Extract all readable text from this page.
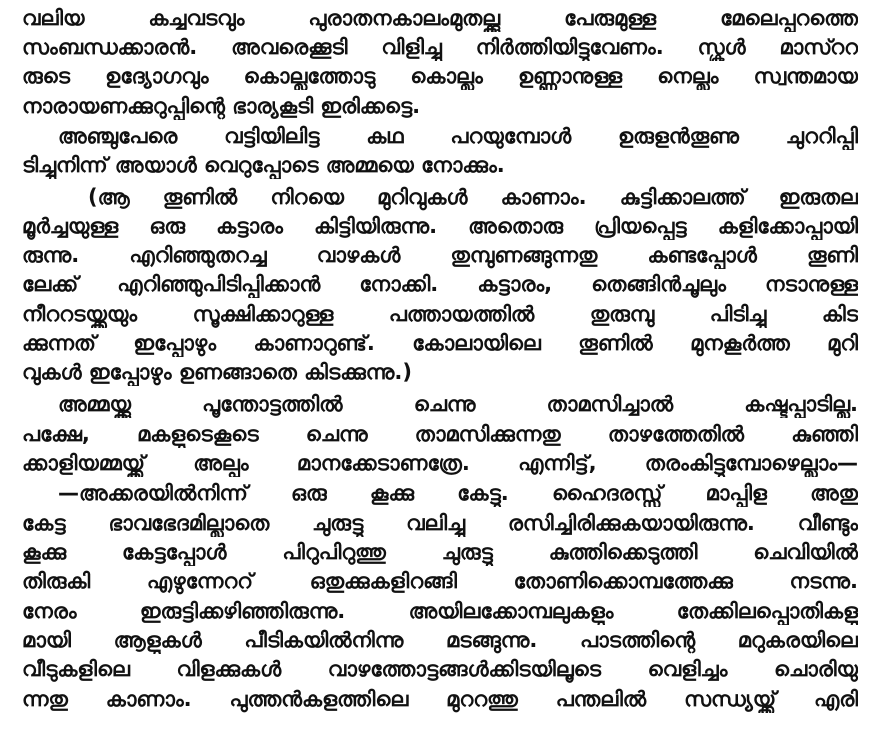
വലിയ കച്ചവടവും പുരാതനകാലംമുതല്ക്കു പേരുമുള്ള മേലെപ്പുറത്തെ
സംബന്ധക്കാരൻ. അവരെക്കൂടി വിളിച്ചു നിർത്തിയിട്ടുവേണം. സ്കൂൾ മാസ്ററ
രുടെ ഉദ്യോഗവും കൊല്ലത്തോടു കൊല്ലം ഉണ്ണാനുള്ള നെല്ലും സ്വന്തമായ
നാരായണക്കുറുപ്പിന്റെ ഭാര്യകൂടി ഇരിക്കട്ടെ.
അഞ്ചുപേരെ വട്ടിയിലിട്ട കഥ പറയുമ്പോൾ ഉരുളൻതൂണു ചുററിപ്പി
ടിച്ചുനിന്ന് അയാൾ വെറുപ്പോടെ അമ്മയെ നോക്കും.
(ആ തൂണിൽ നിറയെ മുറിവുകൾ കാണാം. കുട്ടിക്കാലത്ത് ഇരുതല
മൂർച്ചയുള്ള ഒരു കട്ടാരം കിട്ടിയിരുന്നു. അതൊരു പ്രിയപ്പെട്ട കളിക്കോപ്പായി
രുന്നു. എറിഞ്ഞുതറച്ച വാഴകൾ തുമ്പുണങ്ങുന്നതു കണ്ടപ്പോൾ തൂണി
ലേക്ക് എറിഞ്ഞുപിടിപ്പിക്കാൻ നോക്കി. കട്ടാരം, തെങ്ങിൻചൂലും നടാനുള്ള
നീററടയ്ക്കയും സൂക്ഷിക്കാറുള്ള പത്തായത്തിൽ തുരുമ്പു പിടിച്ചു കിട
ക്കുന്നത് ഇപ്പോഴും കാണാറുണ്ട്. കോലായിലെ തൂണിൽ മുനകൂർത്ത മുറി
വുകൾ ഇപ്പോഴും ഉണങ്ങാതെ കിടക്കുന്നു.)
അമ്മയ്ക്കു പൂന്തോട്ടത്തിൽ ചെന്നു താമസിച്ചാൽ കഷ്ടപ്പാടില്ല.
പക്ഷേ, മകളുടെകൂടെ ചെന്നു താമസിക്കുന്നതു താഴത്തേതിൽ കുഞ്ഞി
ക്കാളിയമ്മയ്ക്ക് അല്പം മാനക്കേടാണത്രേ. എന്നിട്ട്, തരംകിട്ടുമ്പോഴെല്ലാം—
—അക്കരയിൽനിന്ന് ഒരു കൂക്കു കേട്ടു. ഹൈദരസ്സ് മാപ്പിള അതു
കേട്ട ഭാവഭേദമില്ലാതെ ചുരുട്ടു വലിച്ചു രസിച്ചിരിക്കുകയായിരുന്നു. വീണ്ടും
കൂക്കു കേട്ടപ്പോൾ പിറുപിറുത്തു ചുരുട്ടു കുത്തിക്കെടുത്തി ചെവിയിൽ
തിരുകി എഴുന്നേററ് ഒതുക്കുകളിറങ്ങി തോണിക്കൊമ്പത്തേക്കു നടന്നു.
നേരം ഇരുട്ടിക്കഴിഞ്ഞിരുന്നു. അയിലക്കോമ്പലുകളും തേക്കിലപ്പൊതികളു
മായി ആളുകൾ പീടികയിൽനിന്നു മടങ്ങുന്നു. പാടത്തിന്റെ മറുകരയിലെ
വീടുകളിലെ വിളക്കുകൾ വാഴത്തോട്ടങ്ങൾക്കിടയിലൂടെ വെളിച്ചം ചൊരിയു
ന്നതു കാണാം. പുത്തൻകളത്തിലെ മുററത്തു പന്തലിൽ സന്ധ്യയ്ക്ക് എരി
